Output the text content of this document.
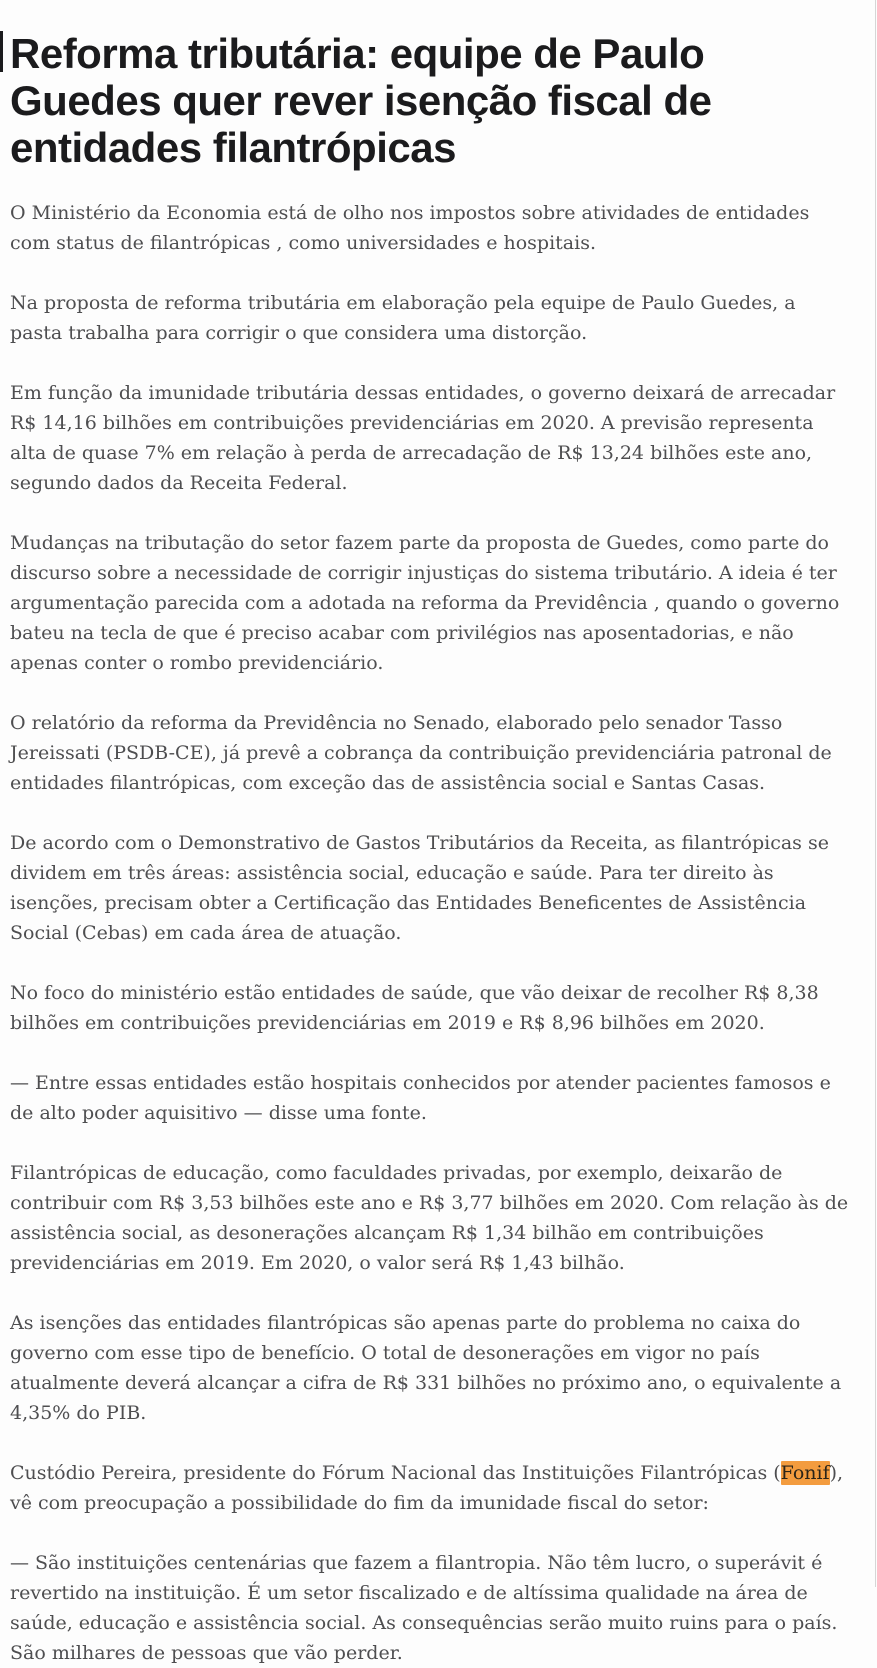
Reforma tributária: equipe de Paulo Guedes quer rever isenção fiscal de entidades filantrópicas

O Ministério da Economia está de olho nos impostos sobre atividades de entidades com status de filantrópicas , como universidades e hospitais.

Na proposta de reforma tributária em elaboração pela equipe de Paulo Guedes, a pasta trabalha para corrigir o que considera uma distorção.

Em função da imunidade tributária dessas entidades, o governo deixará de arrecadar R$ 14,16 bilhões em contribuições previdenciárias em 2020. A previsão representa alta de quase 7% em relação à perda de arrecadação de R$ 13,24 bilhões este ano, segundo dados da Receita Federal.

Mudanças na tributação do setor fazem parte da proposta de Guedes, como parte do discurso sobre a necessidade de corrigir injustiças do sistema tributário. A ideia é ter argumentação parecida com a adotada na reforma da Previdência , quando o governo bateu na tecla de que é preciso acabar com privilégios nas aposentadorias, e não apenas conter o rombo previdenciário.

O relatório da reforma da Previdência no Senado, elaborado pelo senador Tasso Jereissati (PSDB-CE), já prevê a cobrança da contribuição previdenciária patronal de entidades filantrópicas, com exceção das de assistência social e Santas Casas.

De acordo com o Demonstrativo de Gastos Tributários da Receita, as filantrópicas se dividem em três áreas: assistência social, educação e saúde. Para ter direito às isenções, precisam obter a Certificação das Entidades Beneficentes de Assistência Social (Cebas) em cada área de atuação.

No foco do ministério estão entidades de saúde, que vão deixar de recolher R$ 8,38 bilhões em contribuições previdenciárias em 2019 e R$ 8,96 bilhões em 2020.

— Entre essas entidades estão hospitais conhecidos por atender pacientes famosos e de alto poder aquisitivo — disse uma fonte.

Filantrópicas de educação, como faculdades privadas, por exemplo, deixarão de contribuir com R$ 3,53 bilhões este ano e R$ 3,77 bilhões em 2020. Com relação às de assistência social, as desonerações alcançam R$ 1,34 bilhão em contribuições previdenciárias em 2019. Em 2020, o valor será R$ 1,43 bilhão.

As isenções das entidades filantrópicas são apenas parte do problema no caixa do governo com esse tipo de benefício. O total de desonerações em vigor no país atualmente deverá alcançar a cifra de R$ 331 bilhões no próximo ano, o equivalente a 4,35% do PIB.

Custódio Pereira, presidente do Fórum Nacional das Instituições Filantrópicas (Fonif), vê com preocupação a possibilidade do fim da imunidade fiscal do setor:

— São instituições centenárias que fazem a filantropia. Não têm lucro, o superávit é revertido na instituição. É um setor fiscalizado e de altíssima qualidade na área de saúde, educação e assistência social. As consequências serão muito ruins para o país. São milhares de pessoas que vão perder.
